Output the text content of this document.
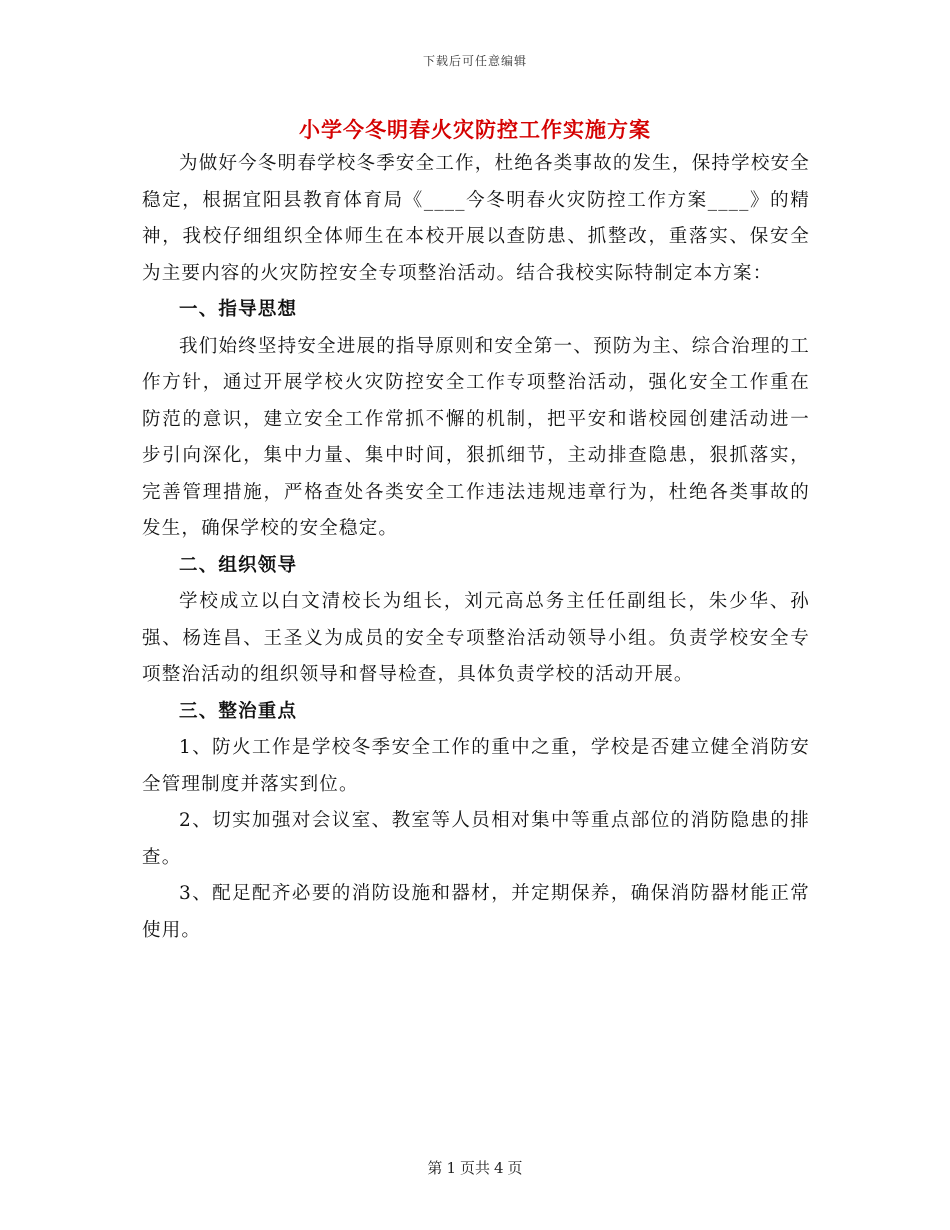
下载后可任意编辑
小学今冬明春火灾防控工作实施方案

为做好今冬明春学校冬季安全工作，杜绝各类事故的发生，保持学校安全稳定，根据宜阳县教育体育局《____今冬明春火灾防控工作方案____》的精神，我校仔细组织全体师生在本校开展以查防患、抓整改，重落实、保安全为主要内容的火灾防控安全专项整治活动。结合我校实际特制定本方案：

一、指导思想

我们始终坚持安全进展的指导原则和安全第一、预防为主、综合治理的工作方针，通过开展学校火灾防控安全工作专项整治活动，强化安全工作重在防范的意识，建立安全工作常抓不懈的机制，把平安和谐校园创建活动进一步引向深化，集中力量、集中时间，狠抓细节，主动排查隐患，狠抓落实，完善管理措施，严格查处各类安全工作违法违规违章行为，杜绝各类事故的发生，确保学校的安全稳定。

二、组织领导

学校成立以白文清校长为组长，刘元高总务主任任副组长，朱少华、孙强、杨连昌、王圣义为成员的安全专项整治活动领导小组。负责学校安全专项整治活动的组织领导和督导检查，具体负责学校的活动开展。

三、整治重点

1、防火工作是学校冬季安全工作的重中之重，学校是否建立健全消防安全管理制度并落实到位。

2、切实加强对会议室、教室等人员相对集中等重点部位的消防隐患的排查。

3、配足配齐必要的消防设施和器材，并定期保养，确保消防器材能正常使用。

第 1 页共 4 页
